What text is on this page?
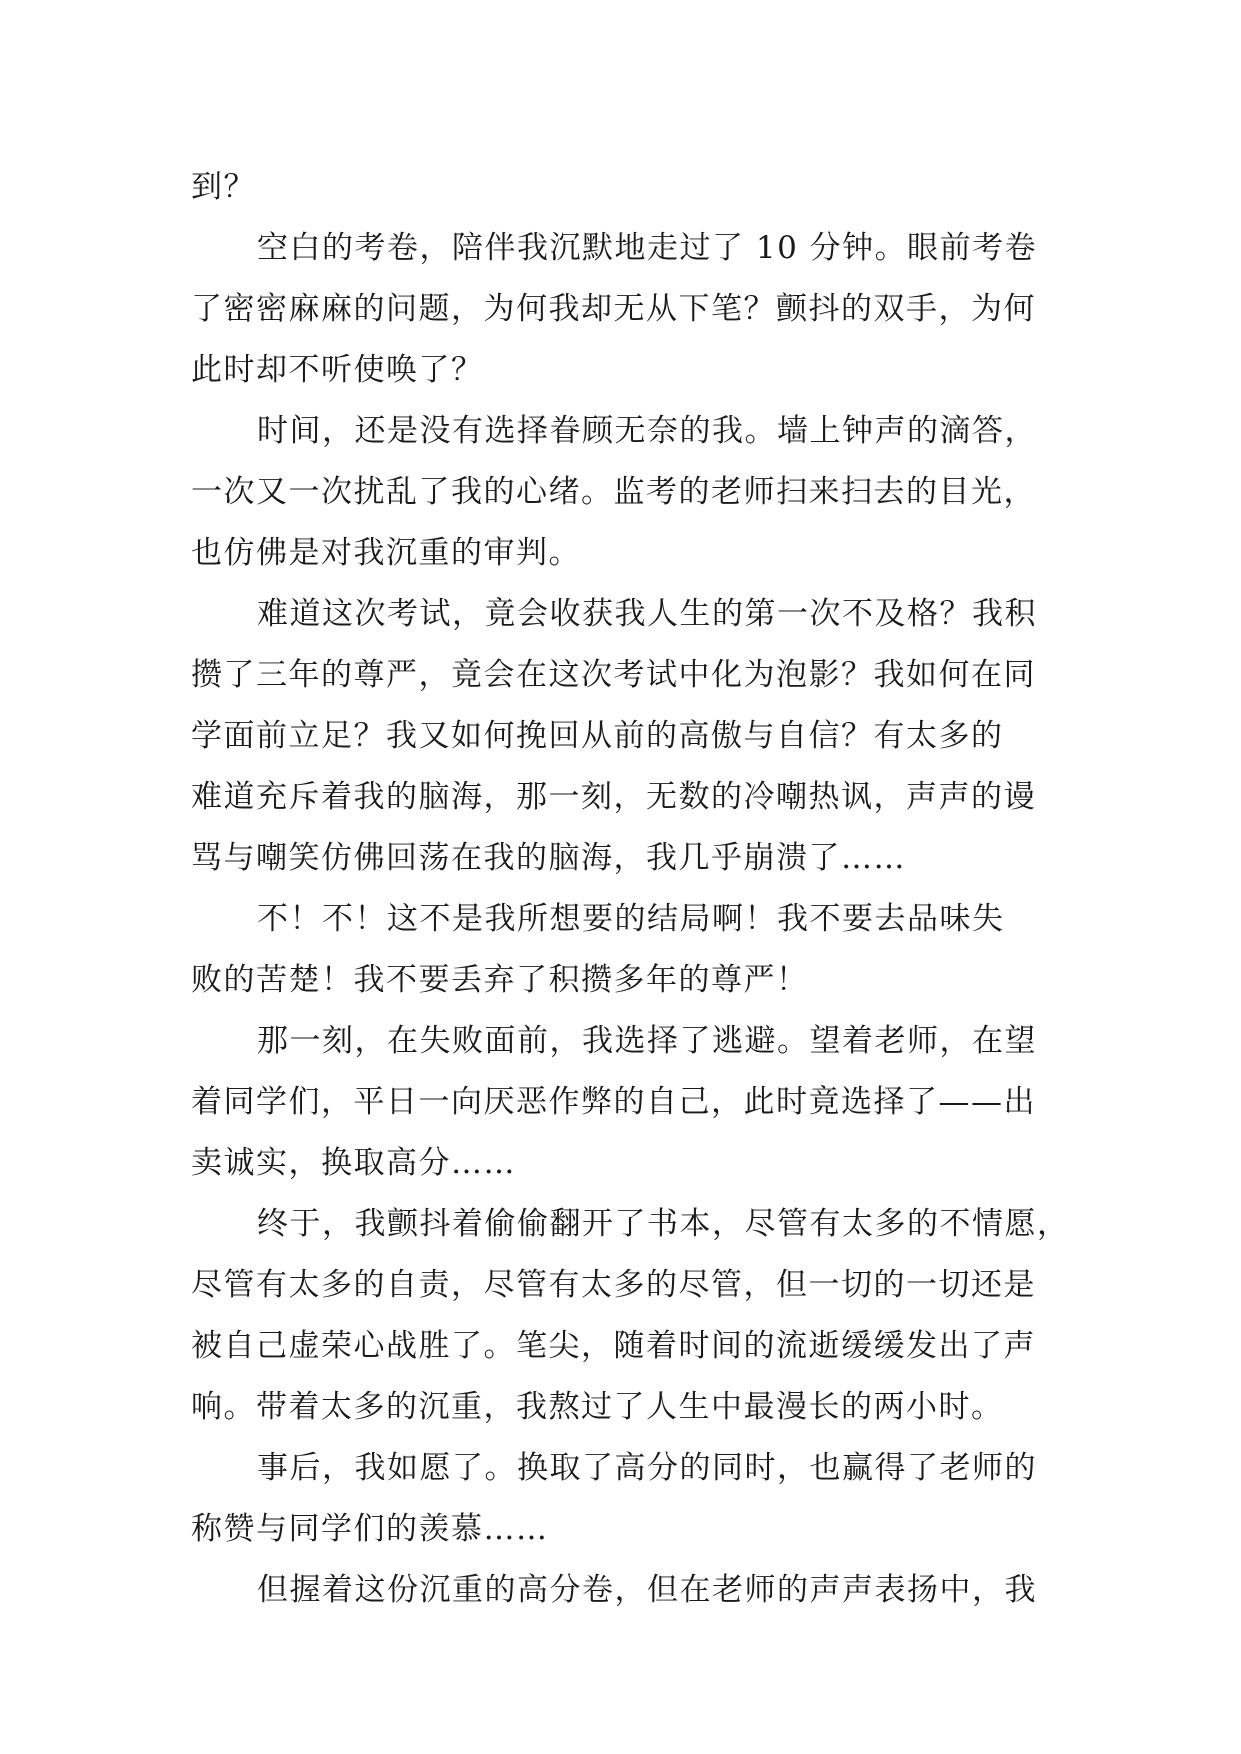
到？
空白的考卷，陪伴我沉默地走过了 10 分钟。眼前考卷
了密密麻麻的问题，为何我却无从下笔？颤抖的双手，为何
此时却不听使唤了？
时间，还是没有选择眷顾无奈的我。墙上钟声的滴答，
一次又一次扰乱了我的心绪。监考的老师扫来扫去的目光，
也仿佛是对我沉重的审判。
难道这次考试，竟会收获我人生的第一次不及格？我积
攒了三年的尊严，竟会在这次考试中化为泡影？我如何在同
学面前立足？我又如何挽回从前的高傲与自信？有太多的
难道充斥着我的脑海，那一刻，无数的冷嘲热讽，声声的谩
骂与嘲笑仿佛回荡在我的脑海，我几乎崩溃了……
不！不！这不是我所想要的结局啊！我不要去品味失
败的苦楚！我不要丢弃了积攒多年的尊严！
那一刻，在失败面前，我选择了逃避。望着老师，在望
着同学们，平日一向厌恶作弊的自己，此时竟选择了——出
卖诚实，换取高分……
终于，我颤抖着偷偷翻开了书本，尽管有太多的不情愿，
尽管有太多的自责，尽管有太多的尽管，但一切的一切还是
被自己虚荣心战胜了。笔尖，随着时间的流逝缓缓发出了声
响。带着太多的沉重，我熬过了人生中最漫长的两小时。
事后，我如愿了。换取了高分的同时，也赢得了老师的
称赞与同学们的羡慕……
但握着这份沉重的高分卷，但在老师的声声表扬中，我
